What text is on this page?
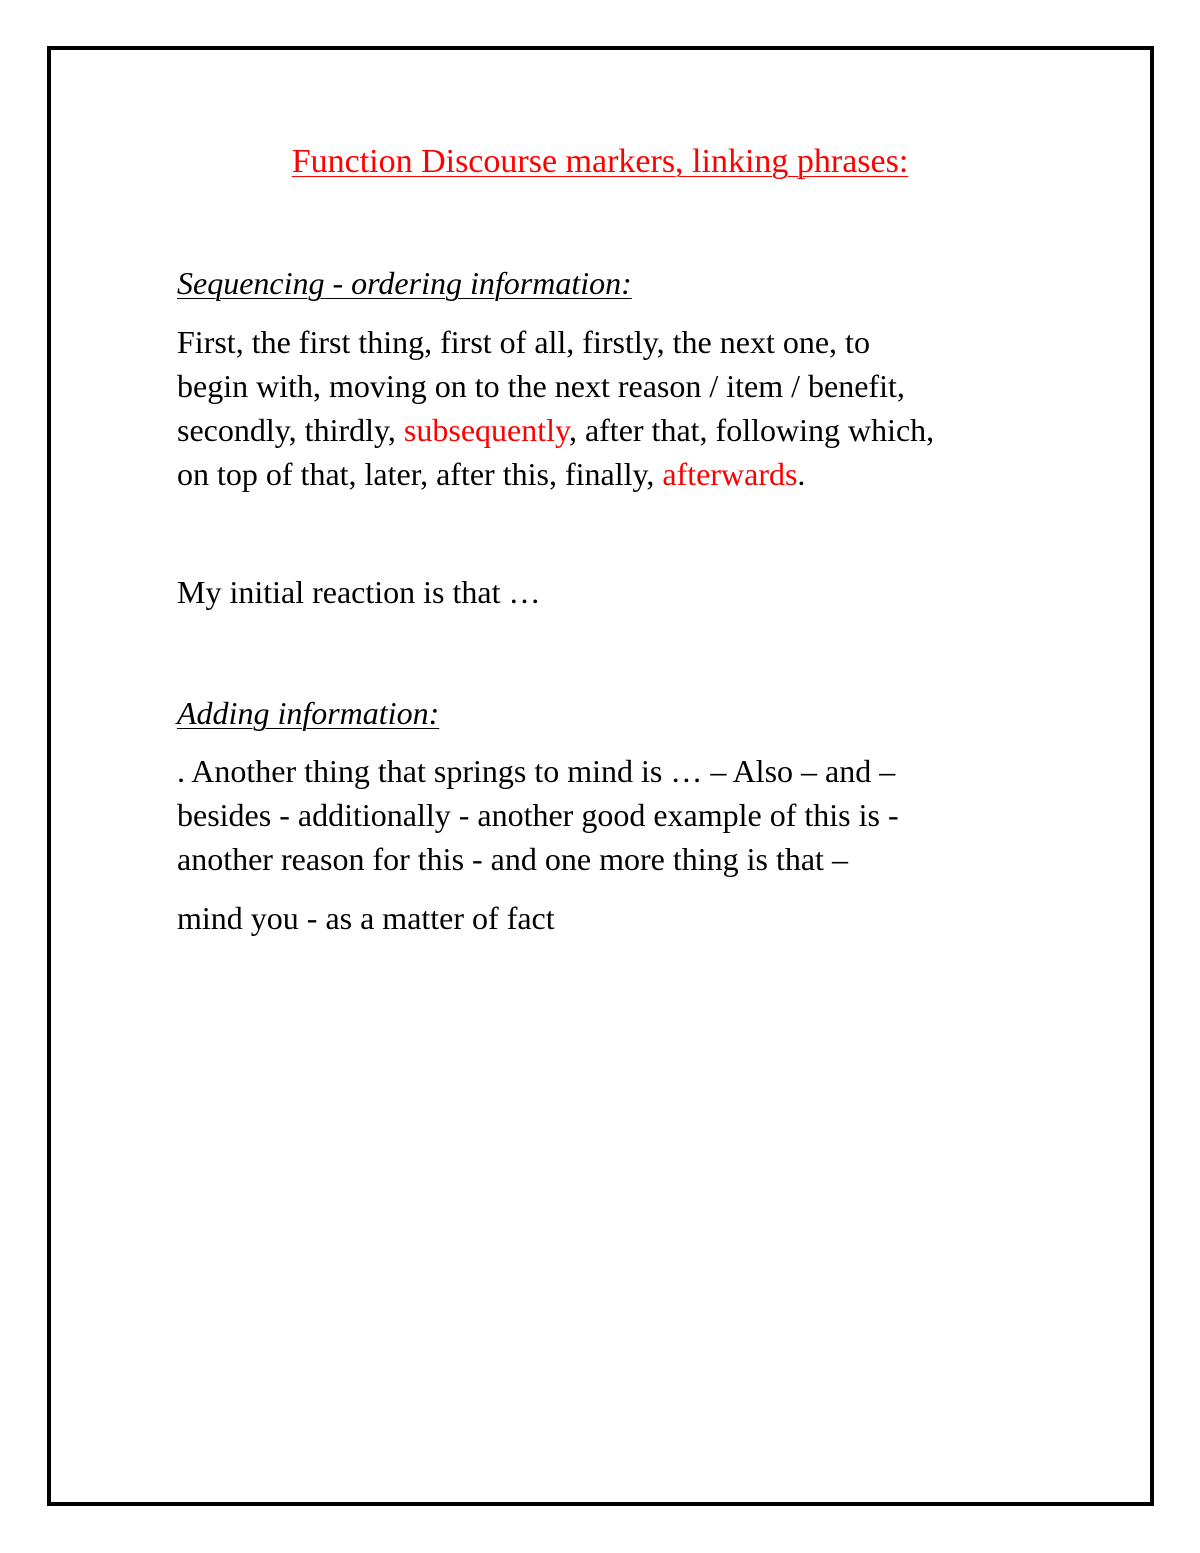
Function Discourse markers, linking phrases:
Sequencing - ordering information:

First, the first thing, first of all, firstly, the next one, to
begin with, moving on to the next reason / item / benefit,
secondly, thirdly, subsequently, after that, following which,
on top of that, later, after this, finally, afterwards.

My initial reaction is that …

Adding information:

. Another thing that springs to mind is … – Also – and –
besides - additionally - another good example of this is -
another reason for this - and one more thing is that –

mind you - as a matter of fact
